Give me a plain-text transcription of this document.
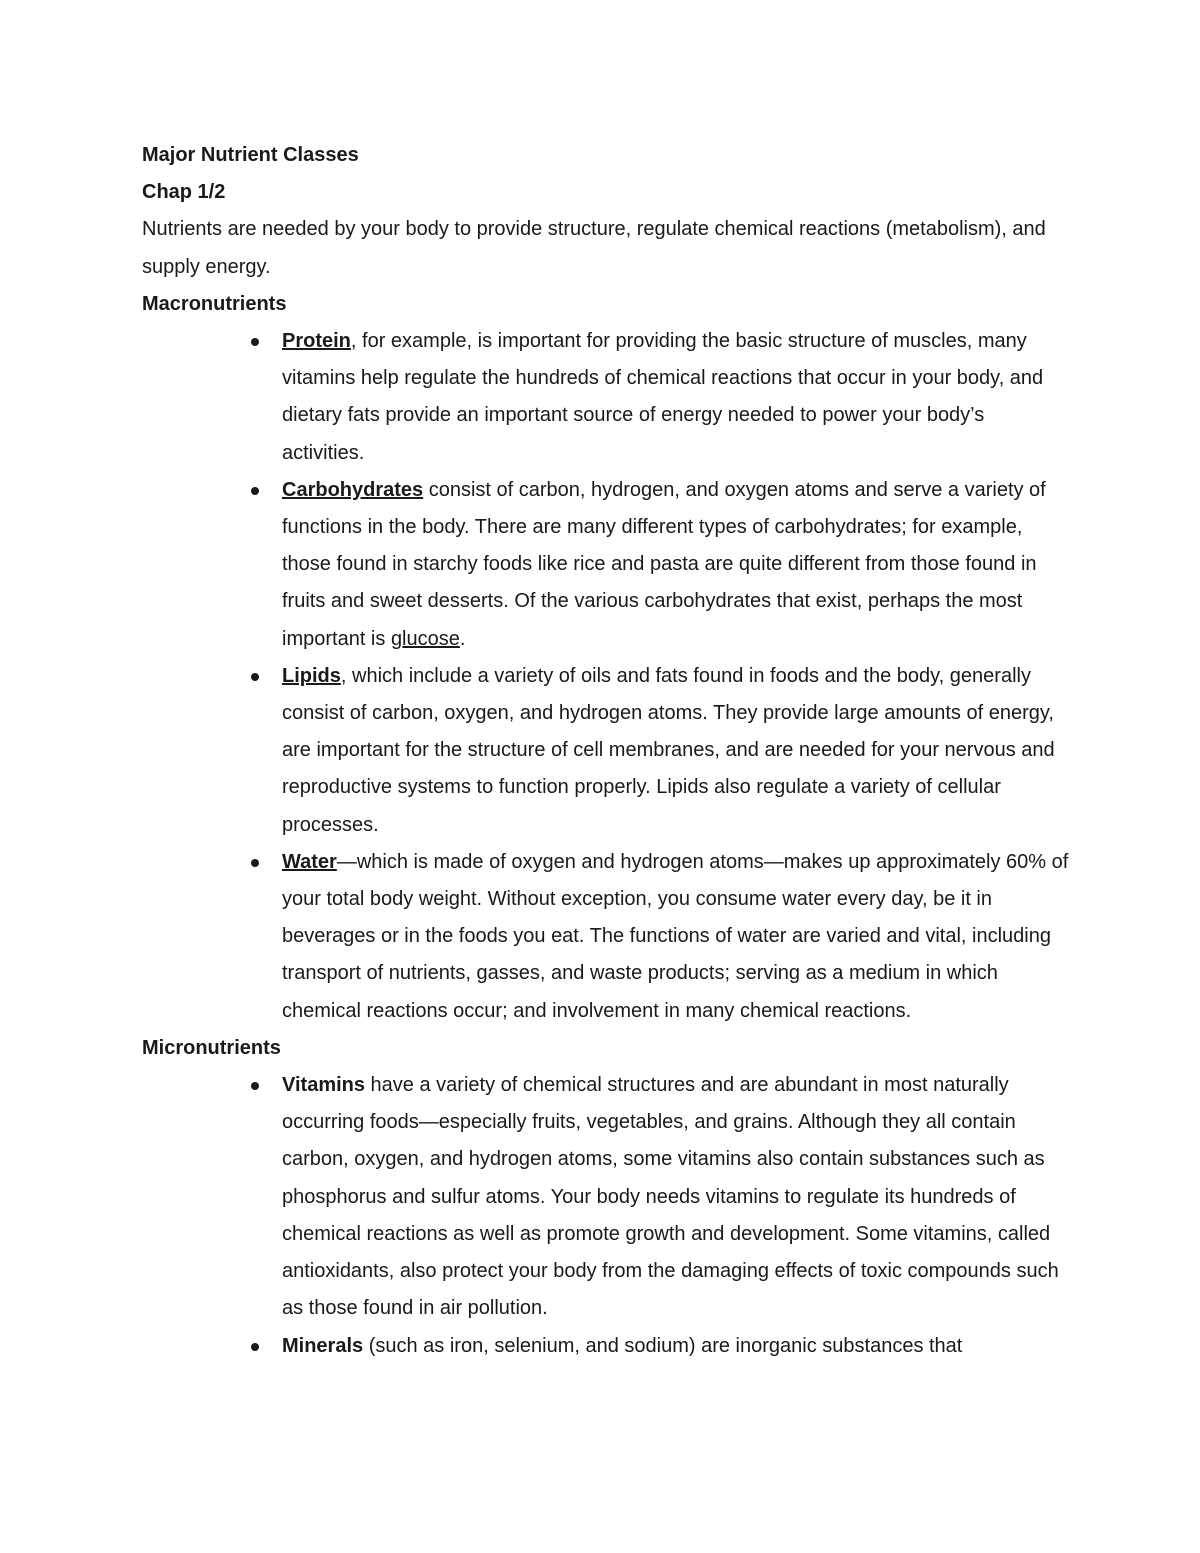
Major Nutrient Classes

Chap 1/2

Nutrients are needed by your body to provide structure, regulate chemical reactions (metabolism), and supply energy.

Macronutrients

Protein, for example, is important for providing the basic structure of muscles, many vitamins help regulate the hundreds of chemical reactions that occur in your body, and dietary fats provide an important source of energy needed to power your body’s activities.
Carbohydrates consist of carbon, hydrogen, and oxygen atoms and serve a variety of functions in the body. There are many different types of carbohydrates; for example, those found in starchy foods like rice and pasta are quite different from those found in fruits and sweet desserts. Of the various carbohydrates that exist, perhaps the most important is glucose.
Lipids, which include a variety of oils and fats found in foods and the body, generally consist of carbon, oxygen, and hydrogen atoms. They provide large amounts of energy, are important for the structure of cell membranes, and are needed for your nervous and reproductive systems to function properly. Lipids also regulate a variety of cellular processes.
Water—which is made of oxygen and hydrogen atoms—makes up approximately 60% of your total body weight. Without exception, you consume water every day, be it in beverages or in the foods you eat. The functions of water are varied and vital, including transport of nutrients, gasses, and waste products; serving as a medium in which chemical reactions occur; and involvement in many chemical reactions.

Micronutrients

Vitamins have a variety of chemical structures and are abundant in most naturally occurring foods—especially fruits, vegetables, and grains. Although they all contain carbon, oxygen, and hydrogen atoms, some vitamins also contain substances such as phosphorus and sulfur atoms. Your body needs vitamins to regulate its hundreds of chemical reactions as well as promote growth and development. Some vitamins, called antioxidants, also protect your body from the damaging effects of toxic compounds such as those found in air pollution.
Minerals (such as iron, selenium, and sodium) are inorganic substances that
